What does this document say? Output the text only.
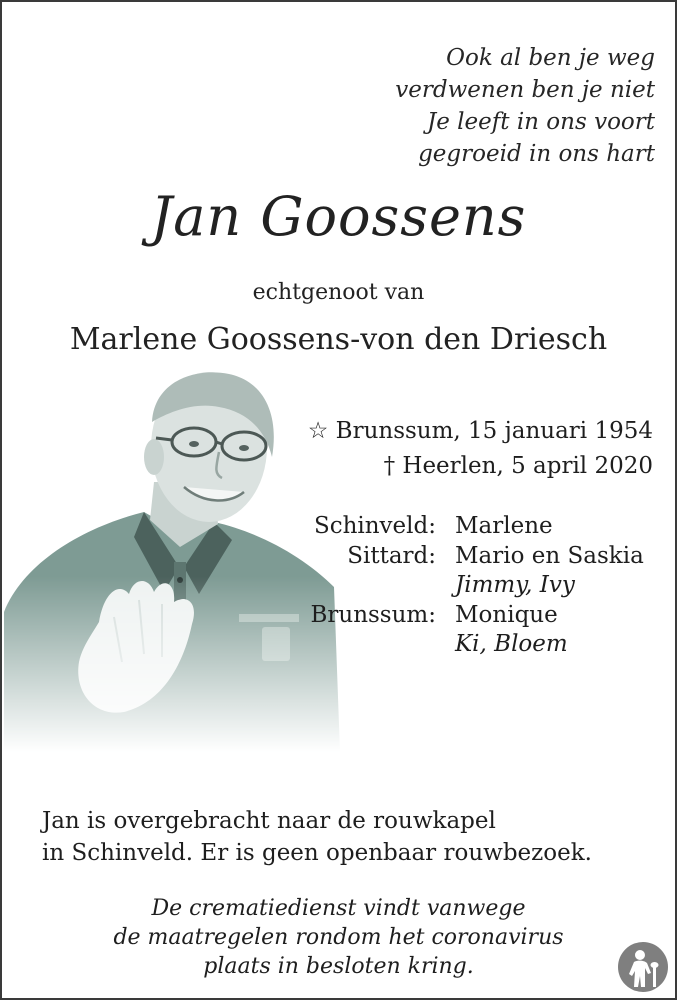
Ook al ben je weg
verdwenen ben je niet
Je leeft in ons voort
gegroeid in ons hart
Jan Goossens
echtgenoot van
Marlene Goossens-von den Driesch
☆ Brunssum, 15 januari 1954
† Heerlen, 5 april 2020
Schinveld: Marlene
Sittard: Mario en Saskia
Jimmy, Ivy
Brunssum: Monique
Ki, Bloem
Jan is overgebracht naar de rouwkapel
in Schinveld. Er is geen openbaar rouwbezoek.
De crematiedienst vindt vanwege
de maatregelen rondom het coronavirus
plaats in besloten kring.
